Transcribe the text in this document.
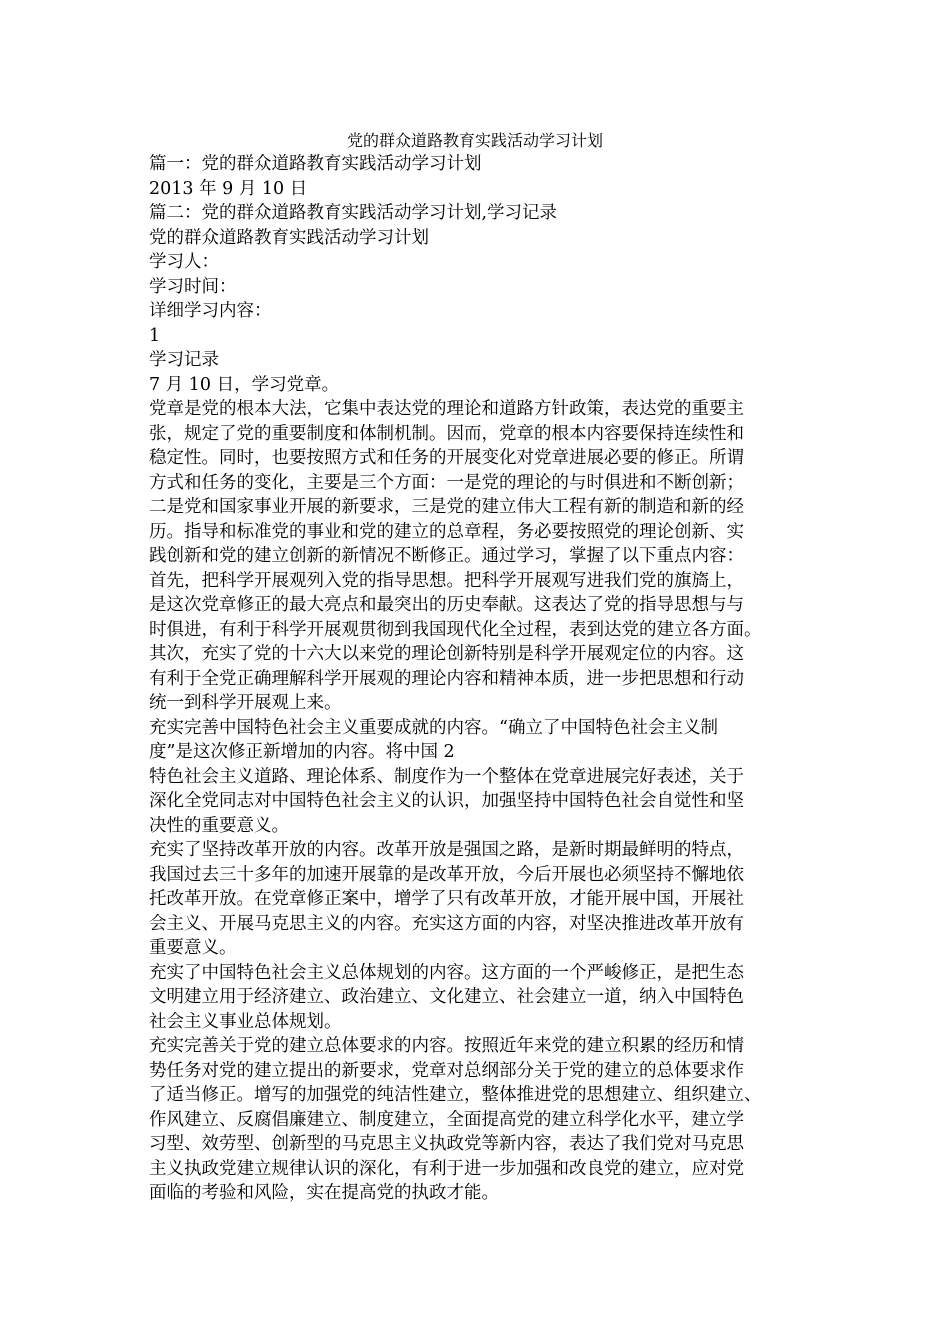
党的群众道路教育实践活动学习计划
篇一：党的群众道路教育实践活动学习计划
2013 年 9 月 10 日
篇二：党的群众道路教育实践活动学习计划,学习记录
党的群众道路教育实践活动学习计划
学习人：
学习时间：
详细学习内容：
1
学习记录
7 月 10 日，学习党章。
党章是党的根本大法，它集中表达党的理论和道路方针政策，表达党的重要主
张，规定了党的重要制度和体制机制。因而，党章的根本内容要保持连续性和
稳定性。同时，也要按照方式和任务的开展变化对党章进展必要的修正。所谓
方式和任务的变化，主要是三个方面：一是党的理论的与时俱进和不断创新；
二是党和国家事业开展的新要求，三是党的建立伟大工程有新的制造和新的经
历。指导和标准党的事业和党的建立的总章程，务必要按照党的理论创新、实
践创新和党的建立创新的新情况不断修正。通过学习，掌握了以下重点内容：
首先，把科学开展观列入党的指导思想。把科学开展观写进我们党的旗旖上，
是这次党章修正的最大亮点和最突出的历史奉献。这表达了党的指导思想与与
时俱进，有利于科学开展观贯彻到我国现代化全过程，表到达党的建立各方面。
其次，充实了党的十六大以来党的理论创新特别是科学开展观定位的内容。这
有利于全党正确理解科学开展观的理论内容和精神本质，进一步把思想和行动
统一到科学开展观上来。
充实完善中国特色社会主义重要成就的内容。“确立了中国特色社会主义制
度”是这次修正新增加的内容。将中国 2
特色社会主义道路、理论体系、制度作为一个整体在党章进展完好表述，关于
深化全党同志对中国特色社会主义的认识，加强坚持中国特色社会自觉性和坚
决性的重要意义。
充实了坚持改革开放的内容。改革开放是强国之路，是新时期最鲜明的特点，
我国过去三十多年的加速开展靠的是改革开放，今后开展也必须坚持不懈地依
托改革开放。在党章修正案中，增学了只有改革开放，才能开展中国，开展社
会主义、开展马克思主义的内容。充实这方面的内容，对坚决推进改革开放有
重要意义。
充实了中国特色社会主义总体规划的内容。这方面的一个严峻修正，是把生态
文明建立用于经济建立、政治建立、文化建立、社会建立一道，纳入中国特色
社会主义事业总体规划。
充实完善关于党的建立总体要求的内容。按照近年来党的建立积累的经历和情
势任务对党的建立提出的新要求，党章对总纲部分关于党的建立的总体要求作
了适当修正。增写的加强党的纯洁性建立，整体推进党的思想建立、组织建立、
作风建立、反腐倡廉建立、制度建立，全面提高党的建立科学化水平，建立学
习型、效劳型、创新型的马克思主义执政党等新内容，表达了我们党对马克思
主义执政党建立规律认识的深化，有利于进一步加强和改良党的建立，应对党
面临的考验和风险，实在提高党的执政才能。
